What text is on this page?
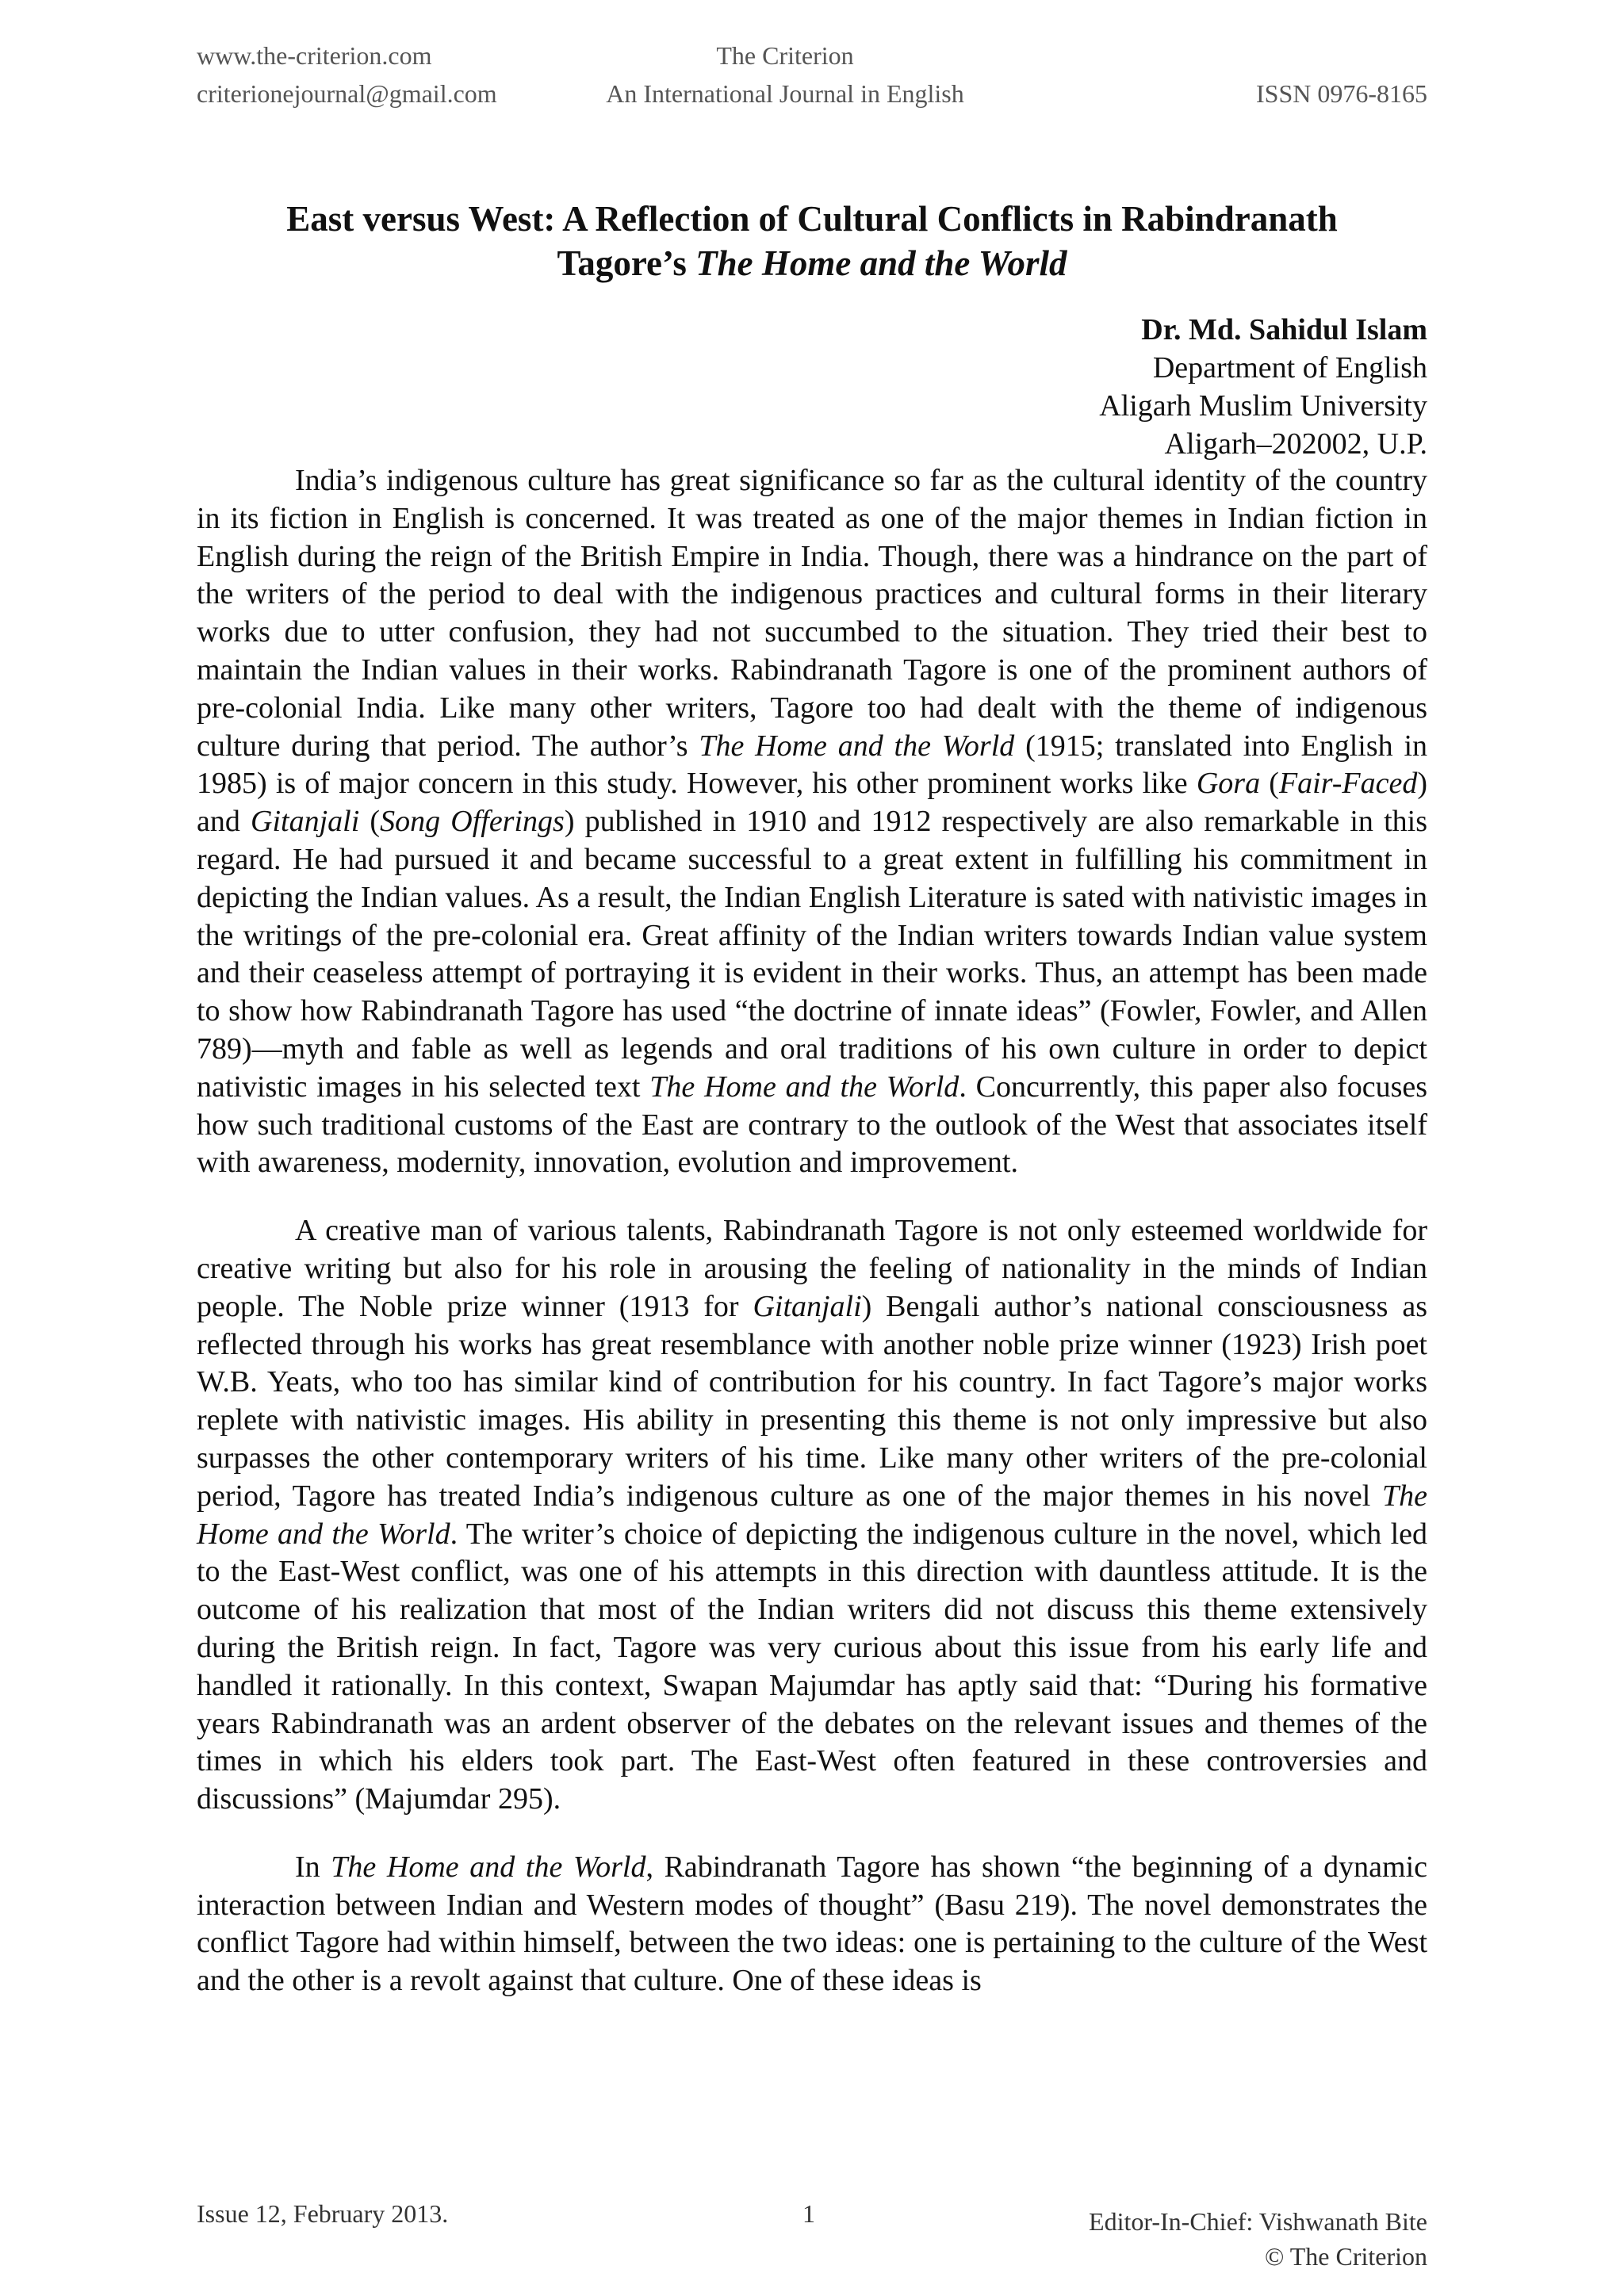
www.the-criterion.com
criterionejournal@gmail.com
The Criterion
An International Journal in English
	ISSN 0976-8165
East versus West: A Reflection of Cultural Conflicts in Rabindranath
Tagore’s The Home and the World
Dr. Md. Sahidul Islam
Department of English
Aligarh Muslim University
Aligarh–202002, U.P.

India’s indigenous culture has great significance so far as the cultural identity of the country in its fiction in English is concerned. It was treated as one of the major themes in Indian fiction in English during the reign of the British Empire in India. Though, there was a hindrance on the part of the writers of the period to deal with the indigenous practices and cultural forms in their literary works due to utter confusion, they had not succumbed to the situation. They tried their best to maintain the Indian values in their works. Rabindranath Tagore is one of the prominent authors of pre-colonial India. Like many other writers, Tagore too had dealt with the theme of indigenous culture during that period. The author’s The Home and the World (1915; translated into English in 1985) is of major concern in this study. However, his other prominent works like Gora (Fair-Faced) and Gitanjali (Song Offerings) published in 1910 and 1912 respectively are also remarkable in this regard. He had pursued it and became successful to a great extent in fulfilling his commitment in depicting the Indian values. As a result, the Indian English Literature is sated with nativistic images in the writings of the pre-colonial era. Great affinity of the Indian writers towards Indian value system and their ceaseless attempt of portraying it is evident in their works. Thus, an attempt has been made to show how Rabindranath Tagore has used “the doctrine of innate ideas” (Fowler, Fowler, and Allen 789)―myth and fable as well as legends and oral traditions of his own culture in order to depict nativistic images in his selected text The Home and the World. Concurrently, this paper also focuses how such traditional customs of the East are contrary to the outlook of the West that associates itself with awareness, modernity, innovation, evolution and improvement.

A creative man of various talents, Rabindranath Tagore is not only esteemed worldwide for creative writing but also for his role in arousing the feeling of nationality in the minds of Indian people. The Noble prize winner (1913 for Gitanjali) Bengali author’s national consciousness as reflected through his works has great resemblance with another noble prize winner (1923) Irish poet W.B. Yeats, who too has similar kind of contribution for his country. In fact Tagore’s major works replete with nativistic images. His ability in presenting this theme is not only impressive but also surpasses the other contemporary writers of his time. Like many other writers of the pre-colonial period, Tagore has treated India’s indigenous culture as one of the major themes in his novel The Home and the World. The writer’s choice of depicting the indigenous culture in the novel, which led to the East-West conflict, was one of his attempts in this direction with dauntless attitude. It is the outcome of his realization that most of the Indian writers did not discuss this theme extensively during the British reign. In fact, Tagore was very curious about this issue from his early life and handled it rationally. In this context, Swapan Majumdar has aptly said that: “During his formative years Rabindranath was an ardent observer of the debates on the relevant issues and themes of the times in which his elders took part. The East-West often featured in these controversies and discussions” (Majumdar 295).

In The Home and the World, Rabindranath Tagore has shown “the beginning of a dynamic interaction between Indian and Western modes of thought” (Basu 219). The novel demonstrates the conflict Tagore had within himself, between the two ideas: one is pertaining to the culture of the West and the other is a revolt against that culture. One of these ideas is

Issue 12, February 2013.	1	Editor-In-Chief: Vishwanath Bite
© The Criterion
